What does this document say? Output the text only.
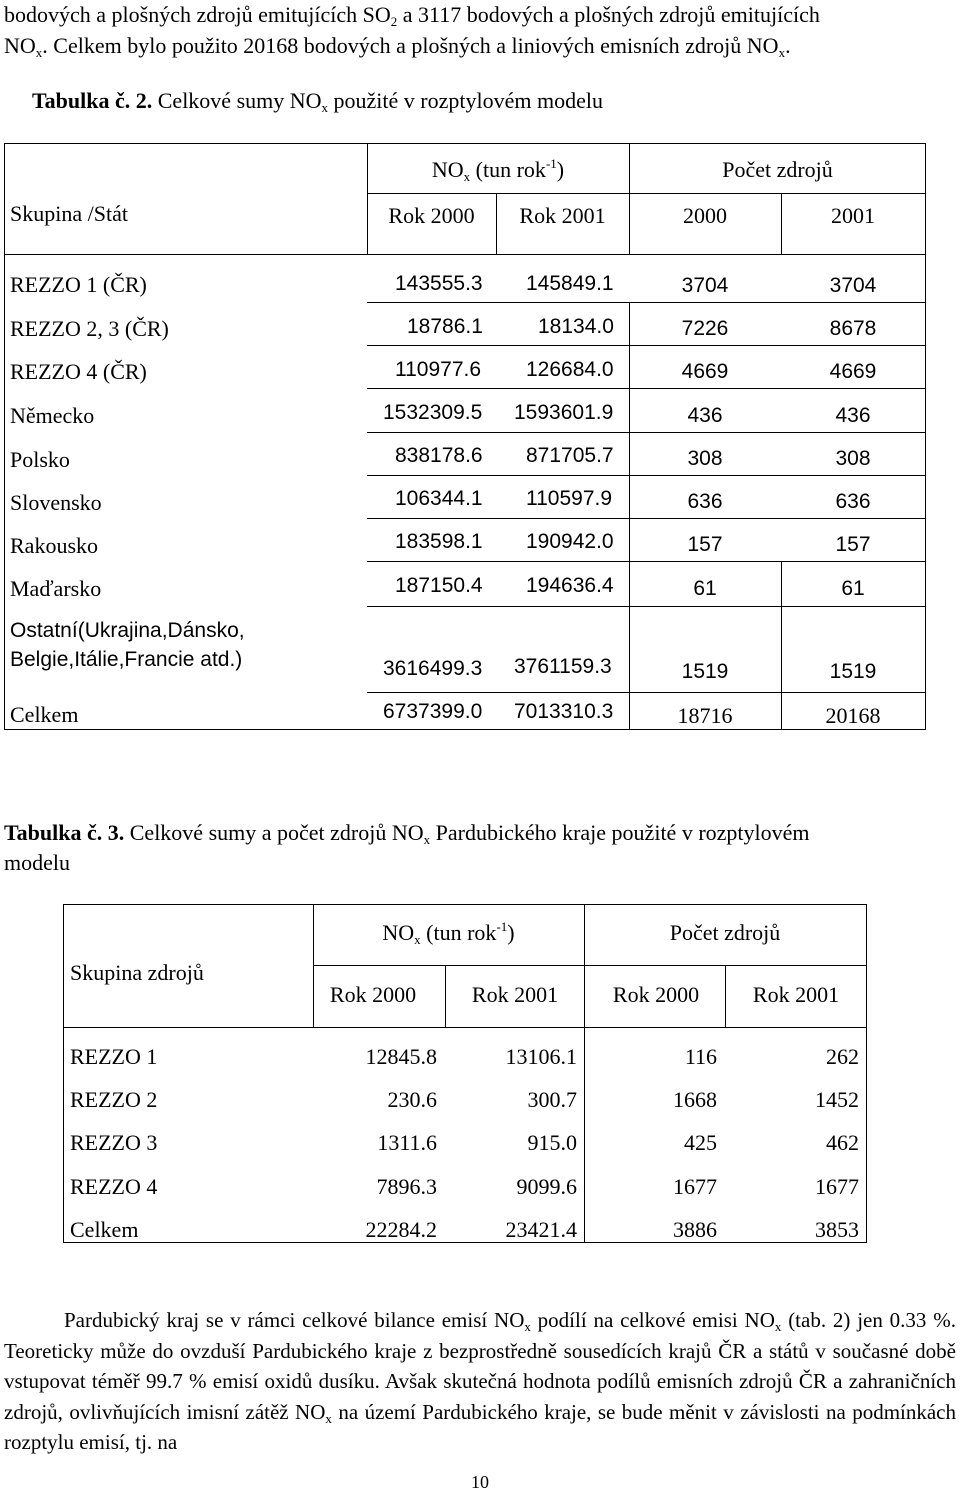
bodových a plošných zdrojů emitujících $SO_2$ a 3117 bodových a plošných zdrojů emitujících
$NO_x$. Celkem bylo použito 20168 bodových a plošných a liniových emisních zdrojů $NO_x$.
Tabulka č. 2. Celkové sumy $NO_x$ použité v rozptylovém modelu
Skupina /Stát
$NO_x$ (tun rok$^{-1}$)	Počet zdrojů
Rok 2000	Rok 2001	2000	2001
REZZO 1 (ČR)	143555.3 145849.1	3704	3704
REZZO 2, 3 (ČR)	18786.1	18134.0	7226	8678
REZZO 4 (ČR)	110977.6 126684.0	4669	4669
Německo	1532309.5 1593601.9	436	436
Polsko	838178.6 871705.7	308	308
Slovensko	106344.1 110597.9	636	636
Rakousko	183598.1 190942.0	157	157
Maďarsko	187150.4 194636.4	61	61
Ostatní(Ukrajina,Dánsko,
Belgie,Itálie,Francie atd.)	3616499.3 3761159.3	1519	1519
Celkem	6737399.0 7013310.3	18716	20168
Tabulka č. 3. Celkové sumy a počet zdrojů $NO_x$ Pardubického kraje použité v rozptylovém
modelu
Skupina zdrojů
$NO_x$ (tun rok$^{-1}$)	Počet zdrojů
Rok 2000	Rok 2001	Rok 2000	Rok 2001
REZZO 1	12845.8	13106.1	116	262
REZZO 2	230.6	300.7	1668	1452
REZZO 3	1311.6	915.0	425	462
REZZO 4	7896.3	9099.6	1677	1677
Celkem	22284.2	23421.4	3886	3853
Pardubický kraj se v rámci celkové bilance emisí $NO_x$ podílí na celkové emisi $NO_x$ (tab. 2) jen 0.33 %. Teoreticky může do ovzduší Pardubického kraje z bezprostředně sousedících krajů ČR a států v současné době vstupovat téměř 99.7 % emisí oxidů dusíku. Avšak skutečná hodnota podílů emisních zdrojů ČR a zahraničních zdrojů, ovlivňujících imisní zátěž $NO_x$ na území Pardubického kraje, se bude měnit v závislosti na podmínkách rozptylu emisí, tj. na
10
